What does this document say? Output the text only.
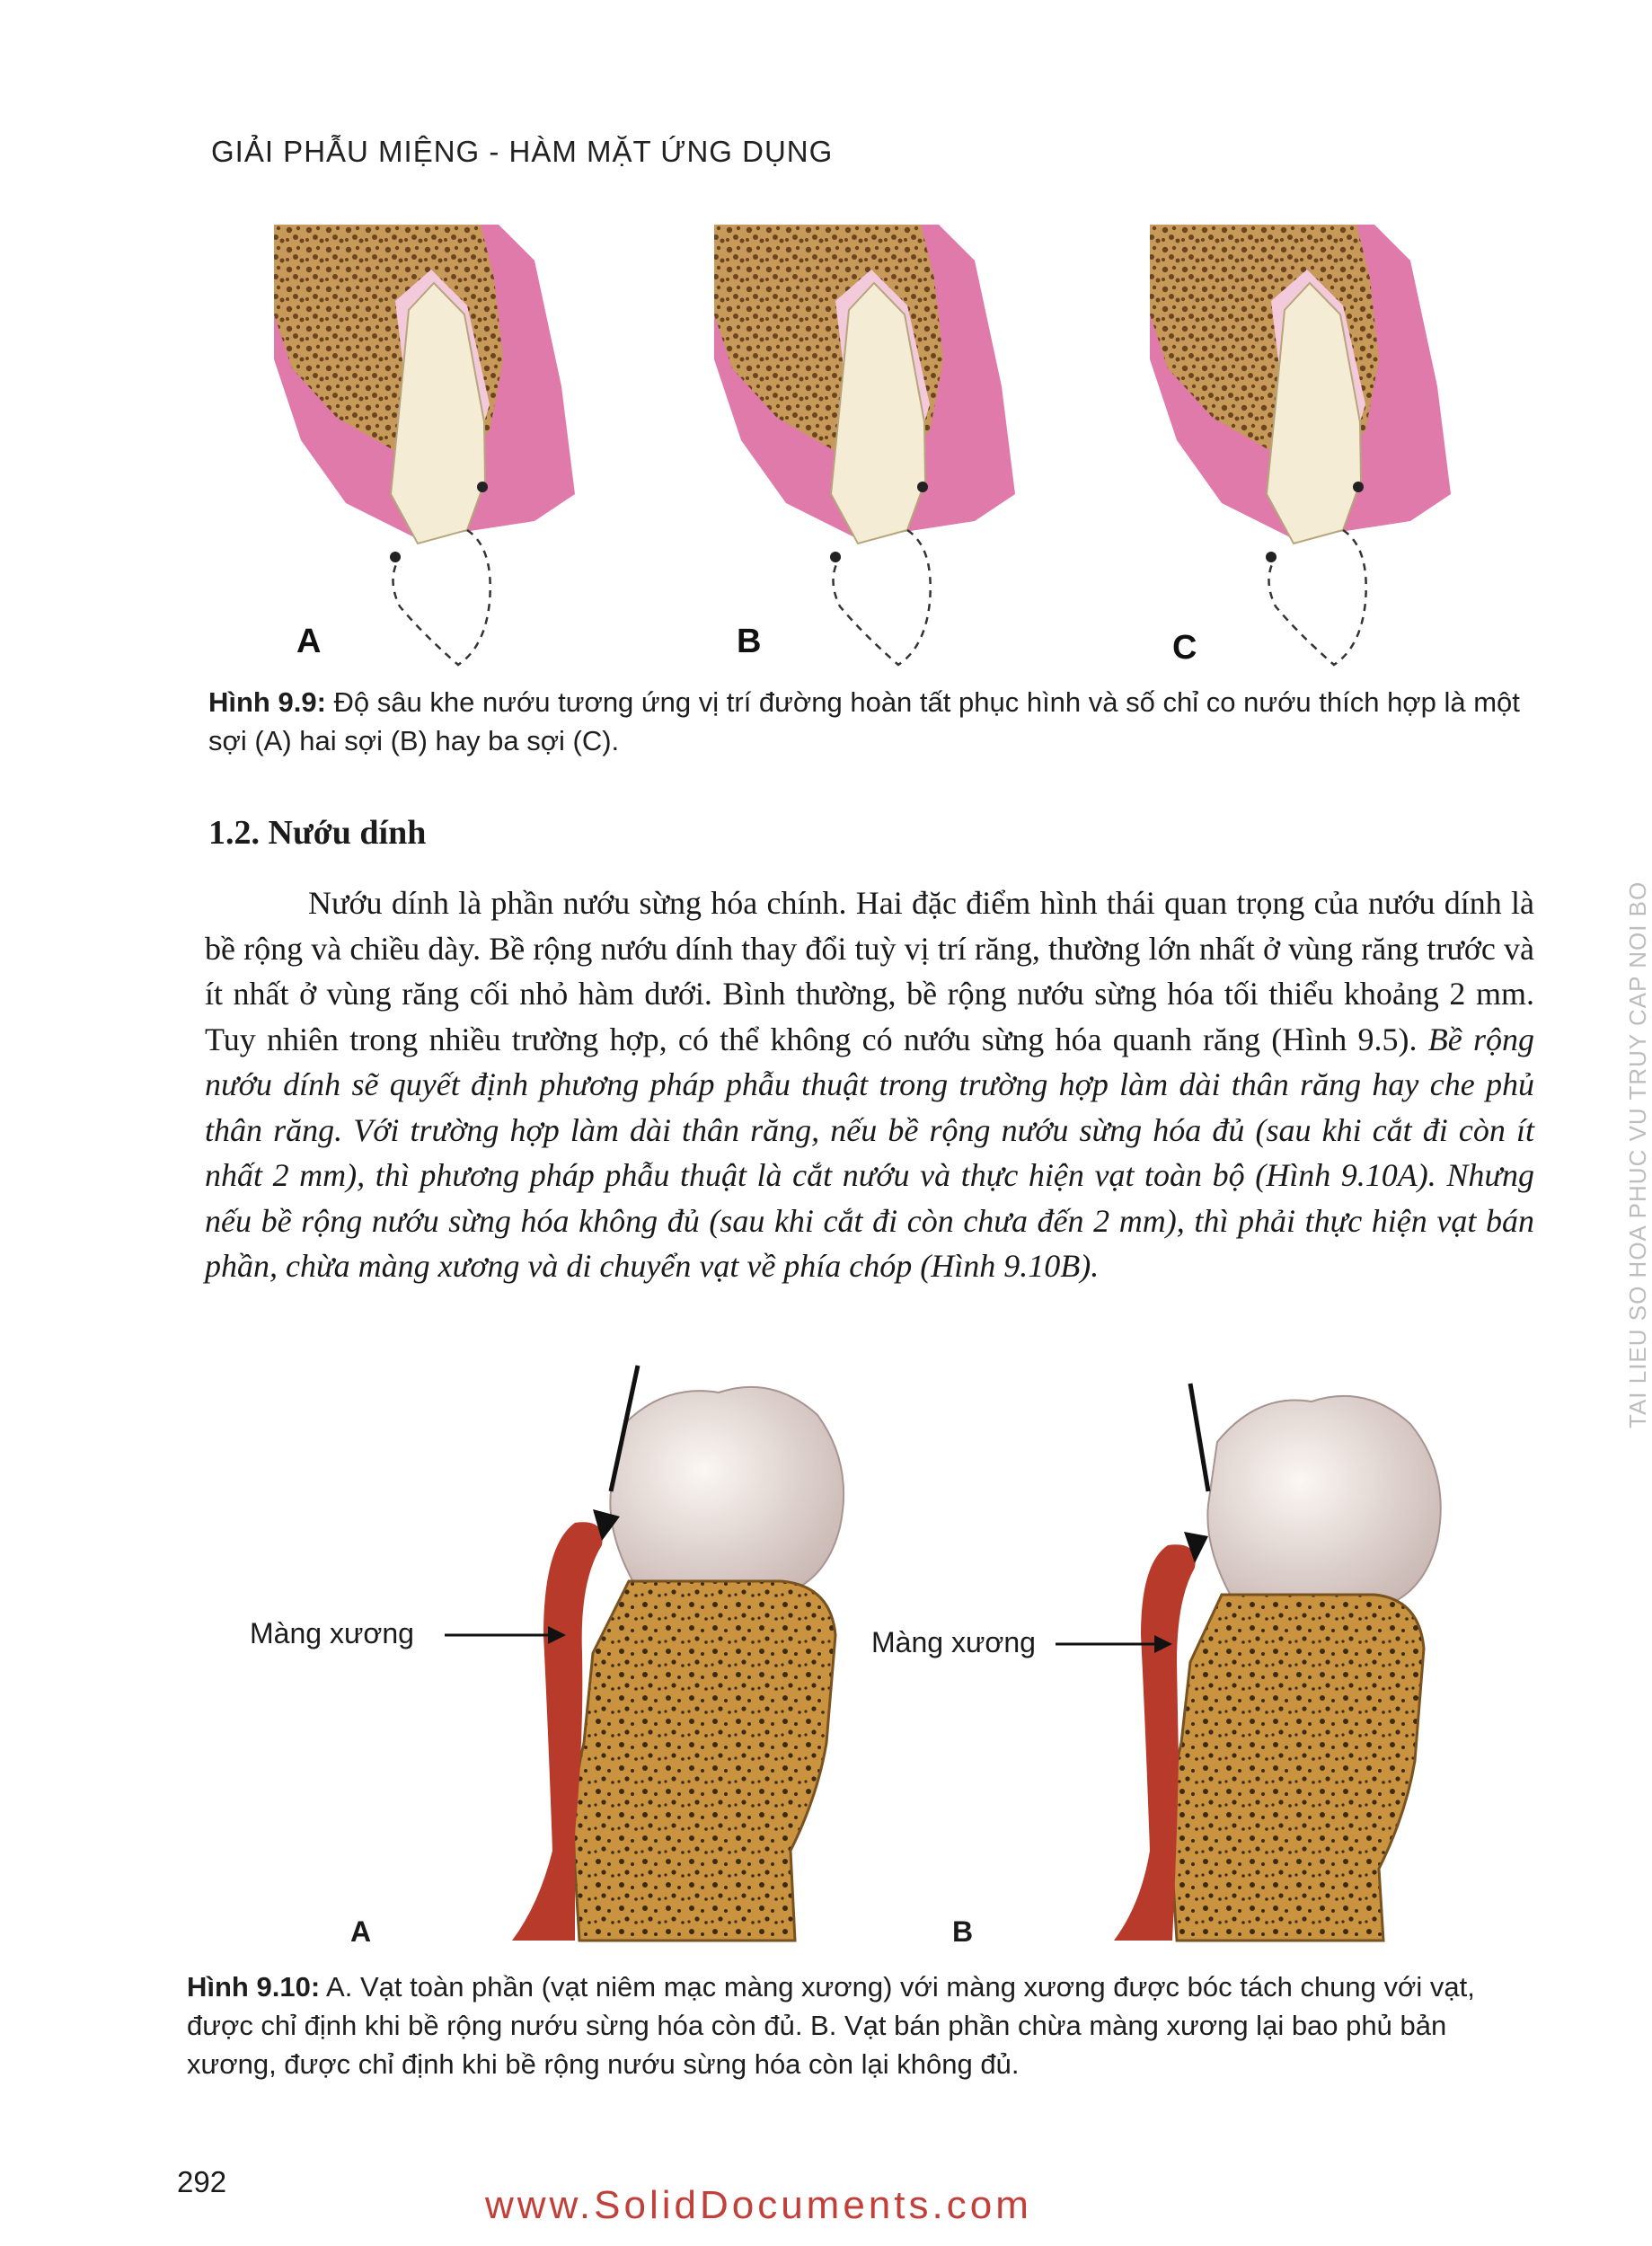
GIẢI PHẪU MIỆNG - HÀM MẶT ỨNG DỤNG
A	B	C
Hình 9.9: Độ sâu khe nướu tương ứng vị trí đường hoàn tất phục hình và số chỉ co nướu thích hợp là một sợi (A) hai sợi (B) hay ba sợi (C).
1.2. Nướu dính

Nướu dính là phần nướu sừng hóa chính. Hai đặc điểm hình thái quan trọng của nướu dính là bề rộng và chiều dày. Bề rộng nướu dính thay đổi tuỳ vị trí răng, thường lớn nhất ở vùng răng trước và ít nhất ở vùng răng cối nhỏ hàm dưới. Bình thường, bề rộng nướu sừng hóa tối thiểu khoảng 2 mm. Tuy nhiên trong nhiều trường hợp, có thể không có nướu sừng hóa quanh răng (Hình 9.5). Bề rộng nướu dính sẽ quyết định phương pháp phẫu thuật trong trường hợp làm dài thân răng hay che phủ thân răng. Với trường hợp làm dài thân răng, nếu bề rộng nướu sừng hóa đủ (sau khi cắt đi còn ít nhất 2 mm), thì phương pháp phẫu thuật là cắt nướu và thực hiện vạt toàn bộ (Hình 9.10A). Nhưng nếu bề rộng nướu sừng hóa không đủ (sau khi cắt đi còn chưa đến 2 mm), thì phải thực hiện vạt bán phần, chừa màng xương và di chuyển vạt về phía chóp (Hình 9.10B).

Màng xương	Màng xương
A	B
Hình 9.10: A. Vạt toàn phần (vạt niêm mạc màng xương) với màng xương được bóc tách chung với vạt, được chỉ định khi bề rộng nướu sừng hóa còn đủ. B. Vạt bán phần chừa màng xương lại bao phủ bản xương, được chỉ định khi bề rộng nướu sừng hóa còn lại không đủ.
TAI LIEU SO HOA PHUC VU TRUY CAP NOI BO
292
www.SolidDocuments.com
